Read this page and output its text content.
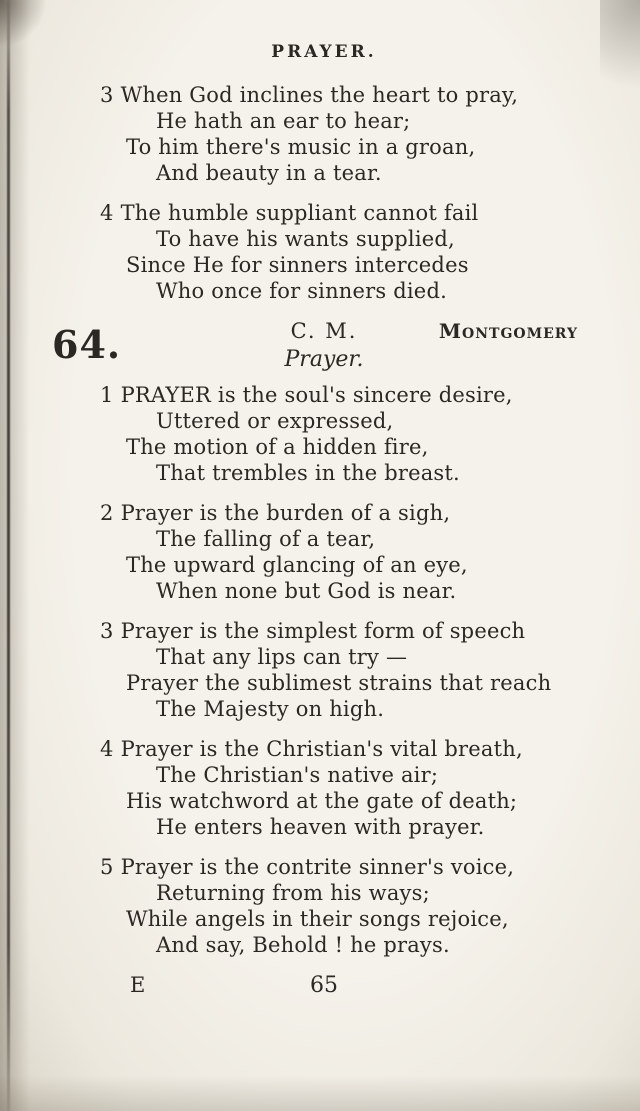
PRAYER.
3 When God inclines the heart to pray,
He hath an ear to hear;
To him there's music in a groan,
And beauty in a tear.
4 The humble suppliant cannot fail
To have his wants supplied,
Since He for sinners intercedes
Who once for sinners died.
64.	C. M.	Montgomery
Prayer.
1 PRAYER is the soul's sincere desire,
Uttered or expressed,
The motion of a hidden fire,
That trembles in the breast.
2 Prayer is the burden of a sigh,
The falling of a tear,
The upward glancing of an eye,
When none but God is near.
3 Prayer is the simplest form of speech
That any lips can try —
Prayer the sublimest strains that reach
The Majesty on high.
4 Prayer is the Christian's vital breath,
The Christian's native air;
His watchword at the gate of death;
He enters heaven with prayer.
5 Prayer is the contrite sinner's voice,
Returning from his ways;
While angels in their songs rejoice,
And say, Behold ! he prays.
E	65
